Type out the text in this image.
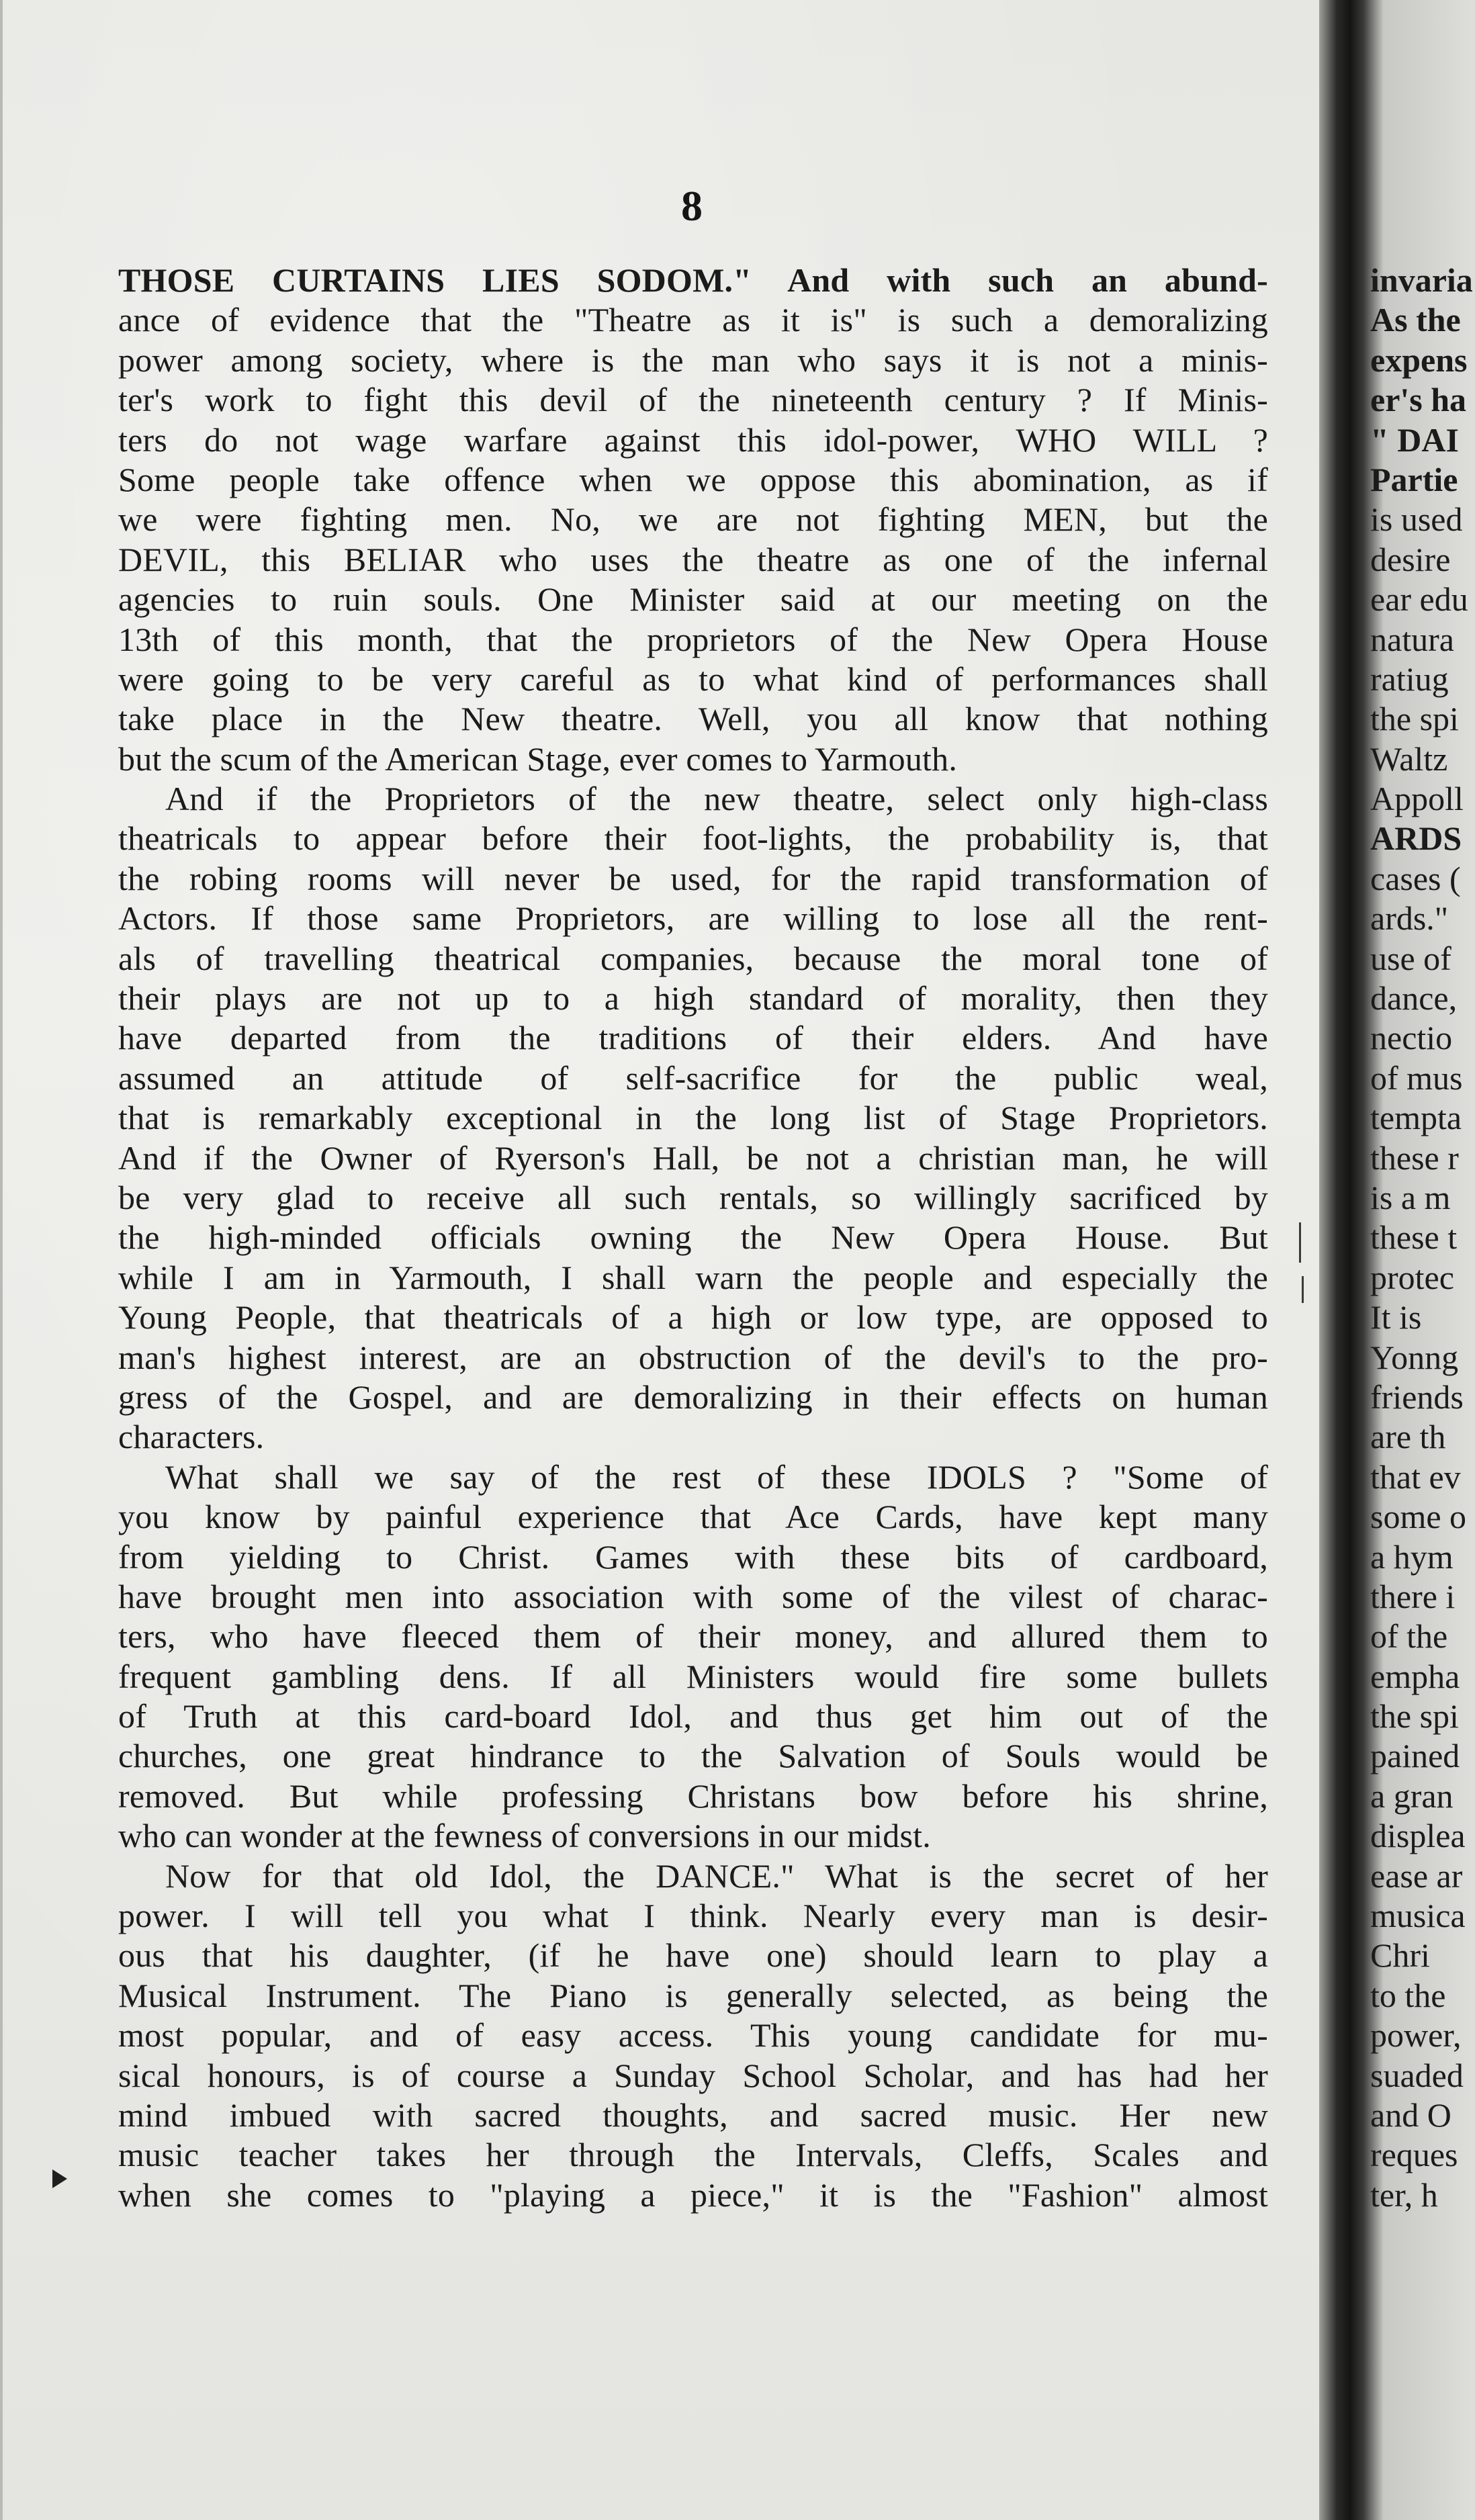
8
THOSE CURTAINS LIES SODOM." And with such an abund-
ance of evidence that the "Theatre as it is" is such a demoralizing
power among society, where is the man who says it is not a minis-
ter's work to fight this devil of the nineteenth century ? If Minis-
ters do not wage warfare against this idol-power, WHO WILL ?
Some people take offence when we oppose this abomination, as if
we were fighting men. No, we are not fighting MEN, but the
DEVIL, this BELIAR who uses the theatre as one of the infernal
agencies to ruin souls. One Minister said at our meeting on the
13th of this month, that the proprietors of the New Opera House
were going to be very careful as to what kind of performances shall
take place in the New theatre. Well, you all know that nothing
but the scum of the American Stage, ever comes to Yarmouth.
And if the Proprietors of the new theatre, select only high-class
theatricals to appear before their foot-lights, the probability is, that
the robing rooms will never be used, for the rapid transformation of
Actors. If those same Proprietors, are willing to lose all the rent-
als of travelling theatrical companies, because the moral tone of
their plays are not up to a high standard of morality, then they
have departed from the traditions of their elders. And have
assumed an attitude of self-sacrifice for the public weal,
that is remarkably exceptional in the long list of Stage Proprietors.
And if the Owner of Ryerson's Hall, be not a christian man, he will
be very glad to receive all such rentals, so willingly sacrificed by
the high-minded officials owning the New Opera House. But
while I am in Yarmouth, I shall warn the people and especially the
Young People, that theatricals of a high or low type, are opposed to
man's highest interest, are an obstruction of the devil's to the pro-
gress of the Gospel, and are demoralizing in their effects on human
characters.
What shall we say of the rest of these IDOLS ? "Some of
you know by painful experience that Ace Cards, have kept many
from yielding to Christ. Games with these bits of cardboard,
have brought men into association with some of the vilest of charac-
ters, who have fleeced them of their money, and allured them to
frequent gambling dens. If all Ministers would fire some bullets
of Truth at this card-board Idol, and thus get him out of the
churches, one great hindrance to the Salvation of Souls would be
removed. But while professing Christans bow before his shrine,
who can wonder at the fewness of conversions in our midst.
Now for that old Idol, the DANCE." What is the secret of her
power. I will tell you what I think. Nearly every man is desir-
ous that his daughter, (if he have one) should learn to play a
Musical Instrument. The Piano is generally selected, as being the
most popular, and of easy access. This young candidate for mu-
sical honours, is of course a Sunday School Scholar, and has had her
mind imbued with sacred thoughts, and sacred music. Her new
music teacher takes her through the Intervals, Cleffs, Scales and
when she comes to "playing a piece," it is the "Fashion" almost
invaria
As the
expens
er's ha
" DAI
Partie
is used
desire
ear edu
natura
ratiug
the spi
Waltz
Appoll
ARDS
cases (
ards."
use of
dance,
nectio
of mus
tempta
these r
is a m
these t
protec
It is
Yonng
friends
are th
that ev
some o
a hym
there i
of the
empha
the spi
pained
a gran
displea
ease ar
musica
Chri
to the
power,
suaded
and O
reques
ter, h
